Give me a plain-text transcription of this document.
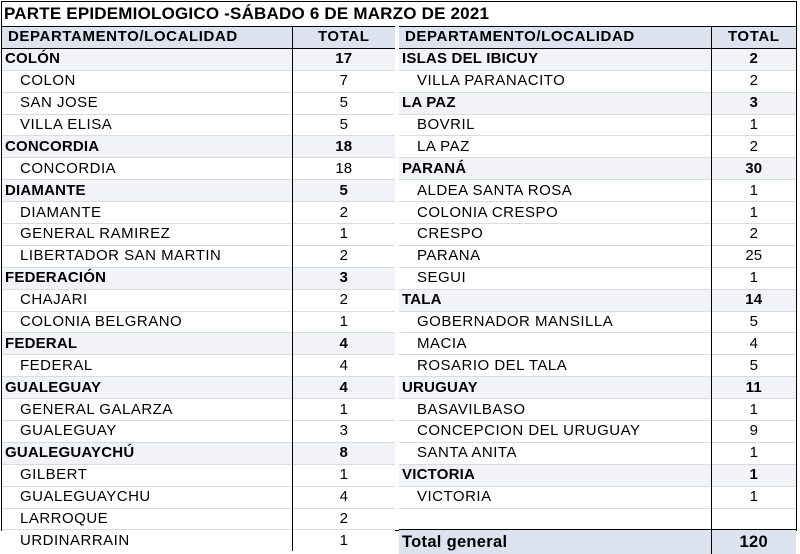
PARTE EPIDEMIOLOGICO -SÁBADO 6 DE MARZO DE 2021
DEPARTAMENTO/LOCALIDAD	TOTAL
COLÓN	17
COLON	7
SAN JOSE	5
VILLA ELISA	5
CONCORDIA	18
CONCORDIA	18
DIAMANTE	5
DIAMANTE	2
GENERAL RAMIREZ	1
LIBERTADOR SAN MARTIN	2
FEDERACIÓN	3
CHAJARI	2
COLONIA BELGRANO	1
FEDERAL	4
FEDERAL	4
GUALEGUAY	4
GENERAL GALARZA	1
GUALEGUAY	3
GUALEGUAYCHÚ	8
GILBERT	1
GUALEGUAYCHU	4
LARROQUE	2
URDINARRAIN	1
DEPARTAMENTO/LOCALIDAD	TOTAL
ISLAS DEL IBICUY	2
VILLA PARANACITO	2
LA PAZ	3
BOVRIL	1
LA PAZ	2
PARANÁ	30
ALDEA SANTA ROSA	1
COLONIA CRESPO	1
CRESPO	2
PARANA	25
SEGUI	1
TALA	14
GOBERNADOR MANSILLA	5
MACIA	4
ROSARIO DEL TALA	5
URUGUAY	11
BASAVILBASO	1
CONCEPCION DEL URUGUAY	9
SANTA ANITA	1
VICTORIA	1
VICTORIA	1

Total general	120
